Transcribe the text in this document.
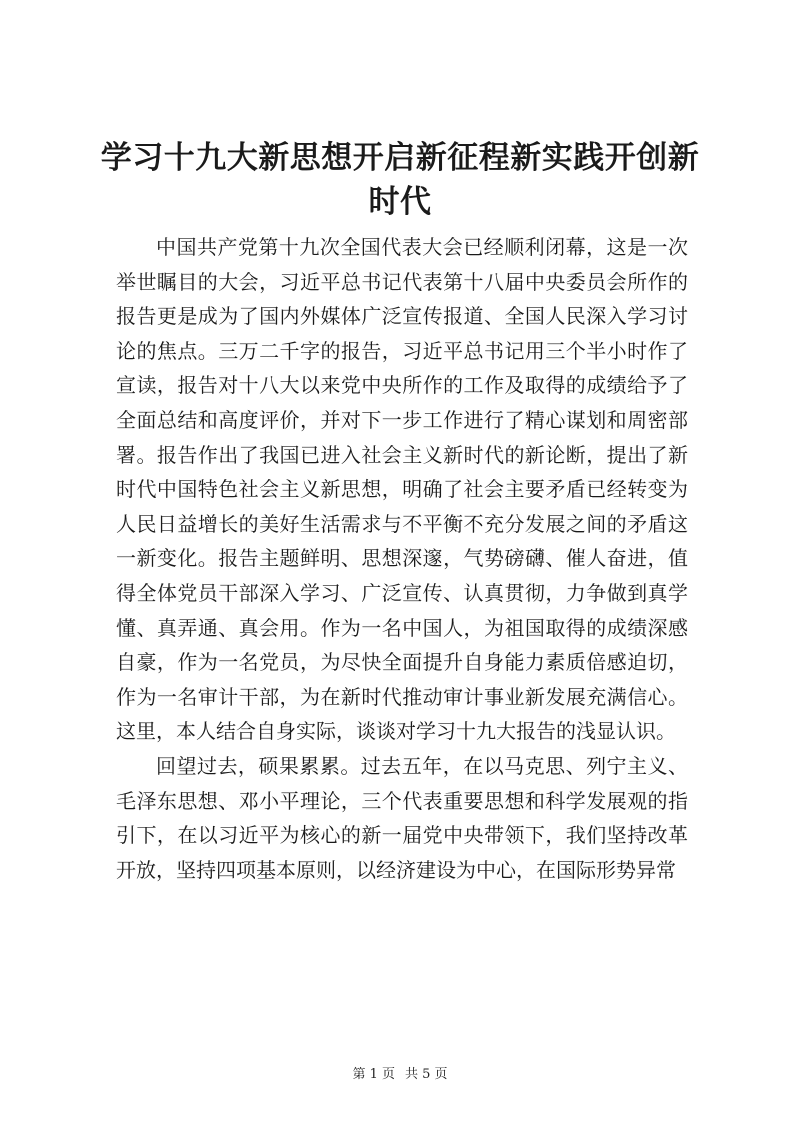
学习十九大新思想开启新征程新实践开创新时代

中国共产党第十九次全国代表大会已经顺利闭幕，这是一次举世瞩目的大会，习近平总书记代表第十八届中央委员会所作的报告更是成为了国内外媒体广泛宣传报道、全国人民深入学习讨论的焦点。三万二千字的报告，习近平总书记用三个半小时作了宣读，报告对十八大以来党中央所作的工作及取得的成绩给予了全面总结和高度评价，并对下一步工作进行了精心谋划和周密部署。报告作出了我国已进入社会主义新时代的新论断，提出了新时代中国特色社会主义新思想，明确了社会主要矛盾已经转变为人民日益增长的美好生活需求与不平衡不充分发展之间的矛盾这一新变化。报告主题鲜明、思想深邃，气势磅礴、催人奋进，值得全体党员干部深入学习、广泛宣传、认真贯彻，力争做到真学懂、真弄通、真会用。作为一名中国人，为祖国取得的成绩深感自豪，作为一名党员，为尽快全面提升自身能力素质倍感迫切，作为一名审计干部，为在新时代推动审计事业新发展充满信心。这里，本人结合自身实际，谈谈对学习十九大报告的浅显认识。

回望过去，硕果累累。过去五年，在以马克思、列宁主义、毛泽东思想、邓小平理论，三个代表重要思想和科学发展观的指引下，在以习近平为核心的新一届党中央带领下，我们坚持改革开放，坚持四项基本原则，以经济建设为中心，在国际形势异常

第 1 页 共 5 页
